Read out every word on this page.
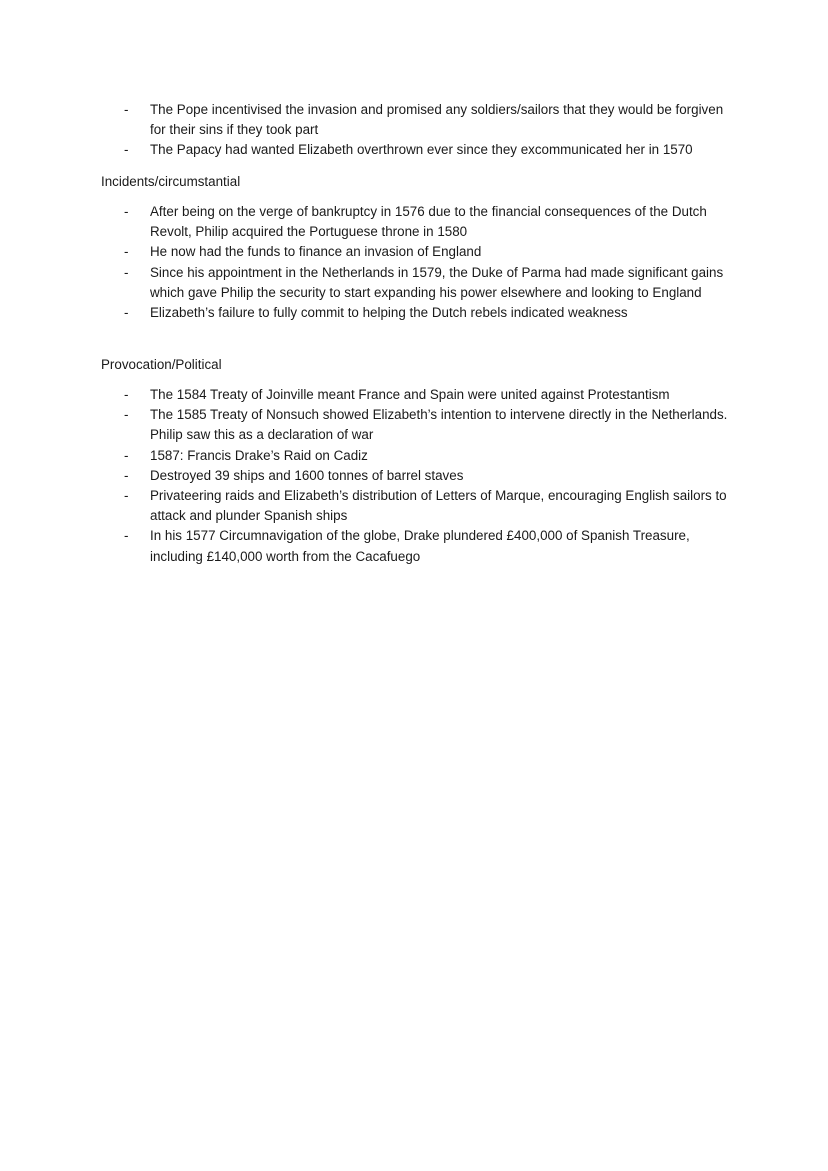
- The Pope incentivised the invasion and promised any soldiers/sailors that they would be forgiven for their sins if they took part
- The Papacy had wanted Elizabeth overthrown ever since they excommunicated her in 1570

Incidents/circumstantial

- After being on the verge of bankruptcy in 1576 due to the financial consequences of the Dutch Revolt, Philip acquired the Portuguese throne in 1580
- He now had the funds to finance an invasion of England
- Since his appointment in the Netherlands in 1579, the Duke of Parma had made significant gains which gave Philip the security to start expanding his power elsewhere and looking to England
- Elizabeth’s failure to fully commit to helping the Dutch rebels indicated weakness

Provocation/Political

- The 1584 Treaty of Joinville meant France and Spain were united against Protestantism
- The 1585 Treaty of Nonsuch showed Elizabeth’s intention to intervene directly in the Netherlands. Philip saw this as a declaration of war
- 1587: Francis Drake’s Raid on Cadiz
- Destroyed 39 ships and 1600 tonnes of barrel staves
- Privateering raids and Elizabeth’s distribution of Letters of Marque, encouraging English sailors to attack and plunder Spanish ships
- In his 1577 Circumnavigation of the globe, Drake plundered £400,000 of Spanish Treasure, including £140,000 worth from the Cacafuego
